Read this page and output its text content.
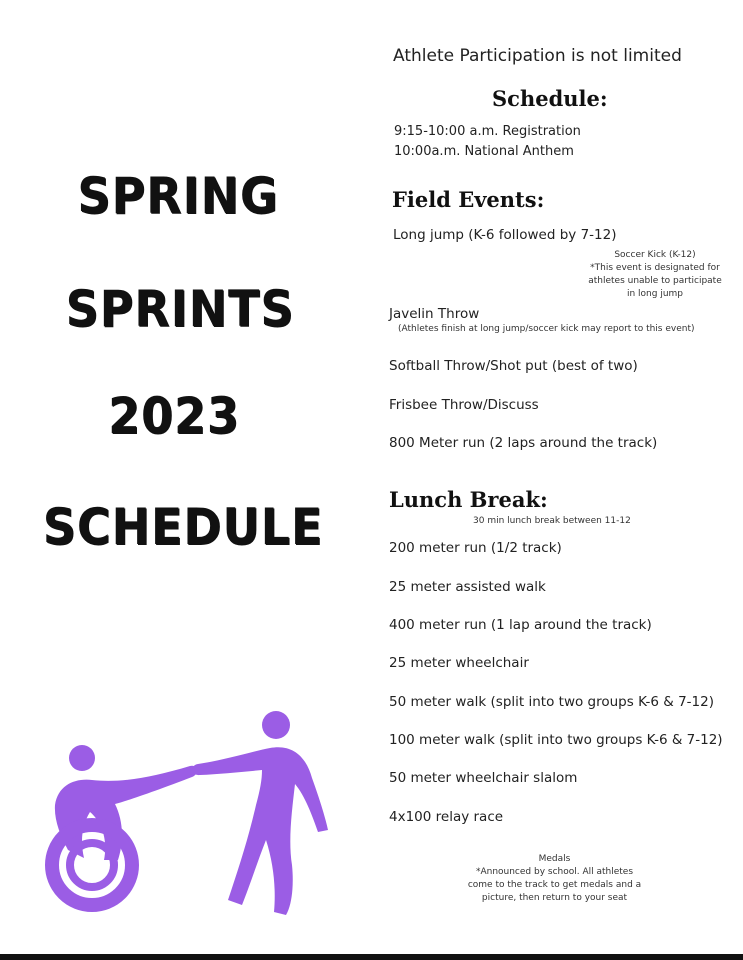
SPRING
SPRINTS
2023
SCHEDULE
Athlete Participation is not limited
Schedule:
9:15-10:00 a.m. Registration
10:00a.m. National Anthem
Field Events:
Long jump (K-6 followed by 7-12)
Soccer Kick (K-12)
*This event is designated for
athletes unable to participate
in long jump
Javelin Throw
(Athletes finish at long jump/soccer kick may report to this event)
Softball Throw/Shot put (best of two)
Frisbee Throw/Discuss
800 Meter run (2 laps around the track)
Lunch Break:
30 min lunch break between 11-12
200 meter run (1/2 track)
25 meter assisted walk
400 meter run (1 lap around the track)
25 meter wheelchair
50 meter walk (split into two groups K-6 & 7-12)
100 meter walk (split into two groups K-6 & 7-12)
50 meter wheelchair slalom
4x100 relay race
Medals
*Announced by school. All athletes
come to the track to get medals and a
picture, then return to your seat
